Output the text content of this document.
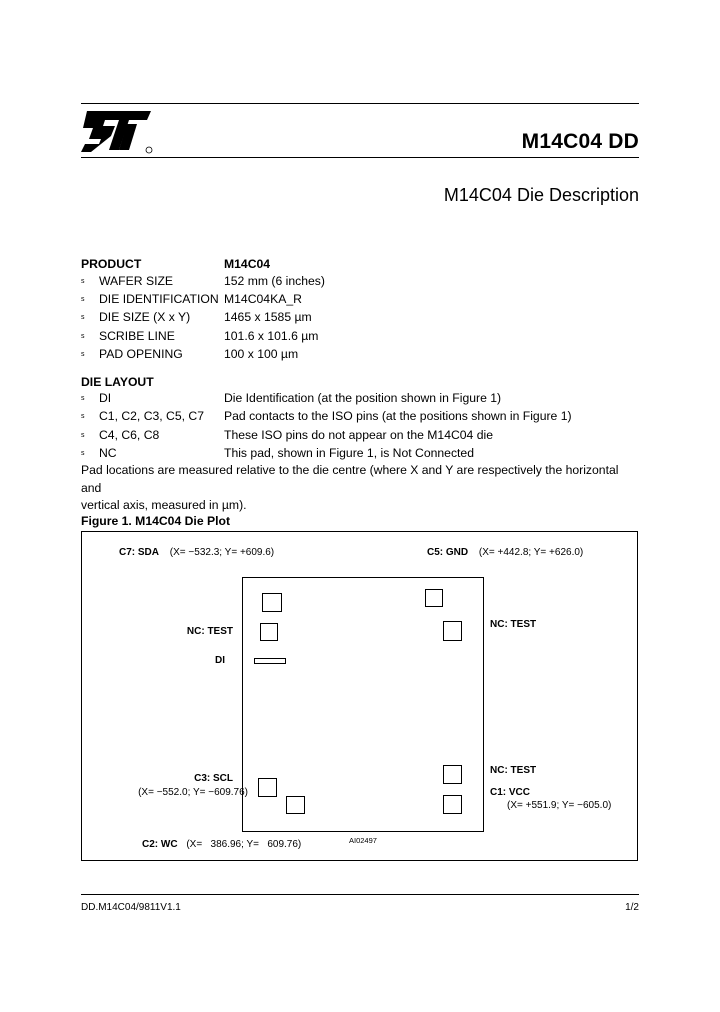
M14C04 DD
M14C04 Die Description
PRODUCT	M14C04
s WAFER SIZE	152 mm (6 inches)
s DIE IDENTIFICATION M14C04KA_R
s DIE SIZE (X x Y)	1465 x 1585 µm
s SCRIBE LINE	101.6 x 101.6 µm
s PAD OPENING	100 x 100 µm
DIE LAYOUT
s DI	Die Identification (at the position shown in Figure 1)
s C1, C2, C3, C5, C7 Pad contacts to the ISO pins (at the positions shown in Figure 1)
s C4, C6, C8	These ISO pins do not appear on the M14C04 die
s NC	This pad, shown in Figure 1, is Not Connected
Pad locations are measured relative to the die centre (where X and Y are respectively the horizontal and
vertical axis, measured in µm).
Figure 1. M14C04 Die Plot
C7: SDA (X= −532.3; Y= +609.6)	C5: GND (X= +442.8; Y= +626.0)
NC: TEST
NC: TEST
DI
NC: TEST
C3: SCL
(X= −552.0; Y= −609.76)	C1: VCC
(X= +551.9; Y= −605.0)
C2: WC (X=   386.96; Y=   609.76)	AI02497
DD.M14C04/9811V1.1	1/2
